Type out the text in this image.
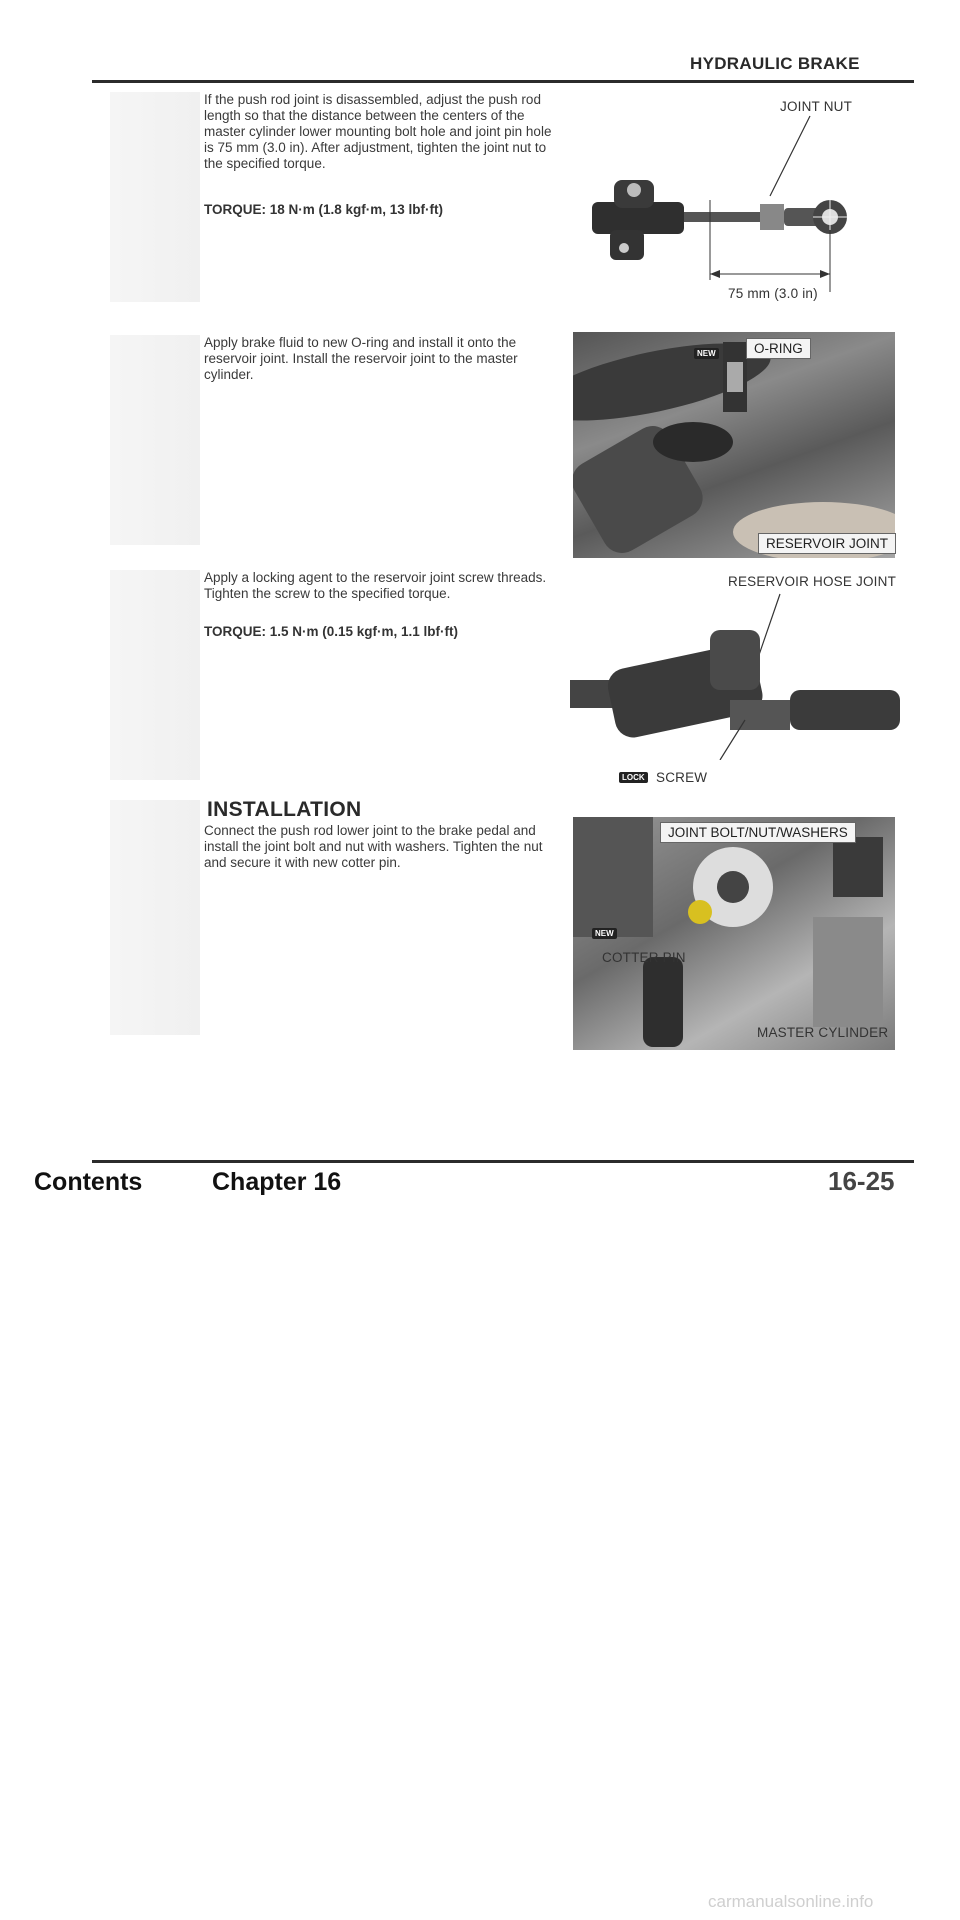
HYDRAULIC BRAKE
If the push rod joint is disassembled, adjust the push rod length so that the distance between the centers of the master cylinder lower mounting bolt hole and joint pin hole is 75 mm (3.0 in). After adjustment, tighten the joint nut to the specified torque.
TORQUE: 18 N·m (1.8 kgf·m, 13 lbf·ft)
JOINT NUT
75 mm (3.0 in)
Apply brake fluid to new O-ring and install it onto the reservoir joint. Install the reservoir joint to the master cylinder.
O-RING
RESERVOIR JOINT
NEW
Apply a locking agent to the reservoir joint screw threads. Tighten the screw to the specified torque.
TORQUE: 1.5 N·m (0.15 kgf·m, 1.1 lbf·ft)
RESERVOIR HOSE JOINT
LOCK SCREW
INSTALLATION
Connect the push rod lower joint to the brake pedal and install the joint bolt and nut with washers. Tighten the nut and secure it with new cotter pin.
JOINT BOLT/NUT/WASHERS
NEW
COTTER PIN
MASTER CYLINDER
16-25
Contents	Chapter 16
carmanualsonline.info
